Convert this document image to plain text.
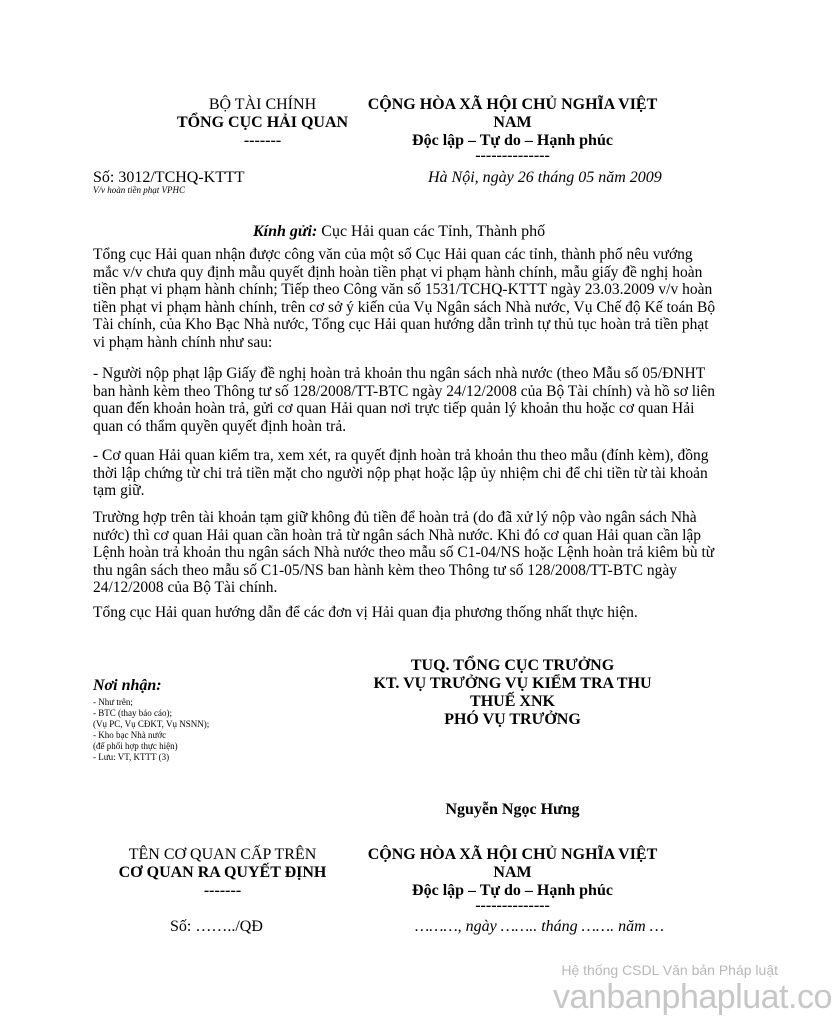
BỘ TÀI CHÍNH
TỔNG CỤC HẢI QUAN
-------
CỘNG HÒA XÃ HỘI CHỦ NGHĨA VIỆT
NAM
Độc lập – Tự do – Hạnh phúc
--------------
Số: 3012/TCHQ-KTTT
V/v hoàn tiền phạt VPHC
Hà Nội, ngày 26 tháng 05 năm 2009
Kính gửi: Cục Hải quan các Tỉnh, Thành phố

Tổng cục Hải quan nhận được công văn của một số Cục Hải quan các tỉnh, thành phố nêu vướng mắc v/v chưa quy định mẫu quyết định hoàn tiền phạt vi phạm hành chính, mẫu giấy đề nghị hoàn tiền phạt vi phạm hành chính; Tiếp theo Công văn số 1531/TCHQ-KTTT ngày 23.03.2009 v/v hoàn tiền phạt vi phạm hành chính, trên cơ sở ý kiến của Vụ Ngân sách Nhà nước, Vụ Chế độ Kế toán Bộ Tài chính, của Kho Bạc Nhà nước, Tổng cục Hải quan hướng dẫn trình tự thủ tục hoàn trả tiền phạt vi phạm hành chính như sau:

- Người nộp phạt lập Giấy đề nghị hoàn trả khoản thu ngân sách nhà nước (theo Mẫu số 05/ĐNHT ban hành kèm theo Thông tư số 128/2008/TT-BTC ngày 24/12/2008 của Bộ Tài chính) và hồ sơ liên quan đến khoản hoàn trả, gửi cơ quan Hải quan nơi trực tiếp quản lý khoản thu hoặc cơ quan Hải quan có thẩm quyền quyết định hoàn trả.

- Cơ quan Hải quan kiểm tra, xem xét, ra quyết định hoàn trả khoản thu theo mẫu (đính kèm), đồng thời lập chứng từ chi trả tiền mặt cho người nộp phạt hoặc lập ủy nhiệm chi để chi tiền từ tài khoản tạm giữ.

Trường hợp trên tài khoản tạm giữ không đủ tiền để hoàn trả (do đã xử lý nộp vào ngân sách Nhà nước) thì cơ quan Hải quan cần hoàn trả từ ngân sách Nhà nước. Khi đó cơ quan Hải quan cần lập Lệnh hoàn trả khoản thu ngân sách Nhà nước theo mẫu số C1-04/NS hoặc Lệnh hoàn trả kiêm bù từ thu ngân sách theo mẫu số C1-05/NS ban hành kèm theo Thông tư số 128/2008/TT-BTC ngày 24/12/2008 của Bộ Tài chính.

Tổng cục Hải quan hướng dẫn để các đơn vị Hải quan địa phương thống nhất thực hiện.

TUQ. TỔNG CỤC TRƯỞNG
KT. VỤ TRƯỞNG VỤ KIỂM TRA THU
THUẾ XNK
PHÓ VỤ TRƯỞNG
Nguyễn Ngọc Hưng
Nơi nhận:
- Như trên;
- BTC (thay báo cáo);
(Vụ PC, Vụ CĐKT, Vụ NSNN);
- Kho bạc Nhà nước
(để phối hợp thực hiện)
- Lưu: VT, KTTT (3)
TÊN CƠ QUAN CẤP TRÊN
CƠ QUAN RA QUYẾT ĐỊNH
-------
CỘNG HÒA XÃ HỘI CHỦ NGHĨA VIỆT
NAM
Độc lập – Tự do – Hạnh phúc
--------------
Số: ……../QĐ	………, ngày …….. tháng ……. năm …
Hệ thống CSDL Văn bản Pháp luật
vanbanphapluat.co
